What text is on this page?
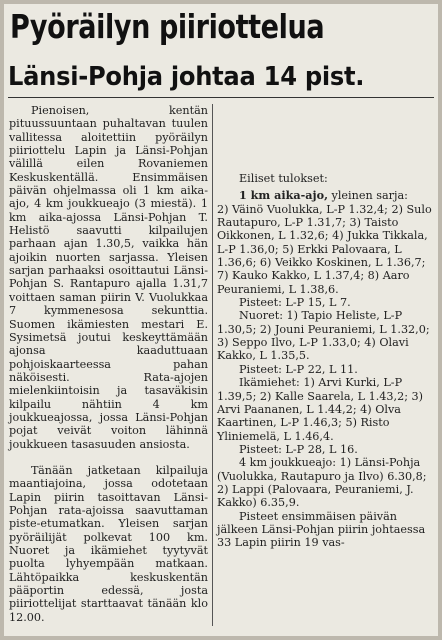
Pyöräilyn piiriottelua
Länsi-Pohja johtaa 14 pist.

Pienoisen, kentän pituussuuntaan puhaltavan tuulen vallitessa aloitettiin pyöräilyn piiriottelu Lapin ja Länsi-Pohjan välillä eilen Rovaniemen Keskuskentällä. Ensimmäisen päivän ohjelmassa oli 1 km aika-ajo, 4 km joukkueajo (3 miestä). 1 km aika-ajossa Länsi-Pohjan T. Helistö saavutti kilpailujen parhaan ajan 1.30,5, vaikka hän ajoikin nuorten sarjassa. Yleisen sarjan parhaaksi osoittautui Länsi-Pohjan S. Rantapuro ajalla 1.31,7 voittaen saman piirin V. Vuolukkaa 7 kymmenesosa sekunttia. Suomen ikämiesten mestari E. Sysimetsä joutui keskeyttämään ajonsa kaaduttuaan pohjoiskaarteessa pahan näköisesti. Rata-ajojen mielenkiintoisin ja tasaväkisin kilpailu nähtiin 4 km joukkueajossa, jossa Länsi-Pohjan pojat veivät voiton lähinnä joukkueen tasasuuden ansiosta.

Tänään jatketaan kilpailuja maantiajoina, jossa odotetaan Lapin piirin tasoittavan Länsi-Pohjan rata-ajoissa saavuttaman piste-etumatkan. Yleisen sarjan pyöräilijät polkevat 100 km. Nuoret ja ikämiehet tyytyvät puolta lyhyempään matkaan. Lähtöpaikka keskuskentän pääportin edessä, josta piiriottelijat starttaavat tänään klo 12.00.

Eiliset tulokset:

1 km aika-ajo, yleinen sarja:

2) Väinö Vuolukka, L-P 1.32,4; 2) Sulo Rautapuro, L-P 1.31,7; 3) Taisto Oikkonen, L 1.32,6; 4) Jukka Tikkala, L-P 1.36,0; 5) Erkki Palovaara, L 1.36,6; 6) Veikko Koskinen, L 1.36,7; 7) Kauko Kakko, L 1.37,4; 8) Aaro Peuraniemi, L 1.38,6.

Pisteet: L-P 15, L 7.

Nuoret: 1) Tapio Heliste, L-P 1.30,5; 2) Jouni Peuraniemi, L 1.32,0; 3) Seppo Ilvo, L-P 1.33,0; 4) Olavi Kakko, L 1.35,5.

Pisteet: L-P 22, L 11.

Ikämiehet: 1) Arvi Kurki, L-P 1.39,5; 2) Kalle Saarela, L 1.43,2; 3) Arvi Paananen, L 1.44,2; 4) Olva Kaartinen, L-P 1.46,3; 5) Risto Yliniemelä, L 1.46,4.

Pisteet: L-P 28, L 16.

4 km joukkueajo: 1) Länsi-Pohja (Vuolukka, Rautapuro ja Ilvo) 6.30,8; 2) Lappi (Palovaara, Peuraniemi, J. Kakko) 6.35,9.

Pisteet ensimmäisen päivän jälkeen Länsi-Pohjan piirin johtaessa 33 Lapin piirin 19 vas-
